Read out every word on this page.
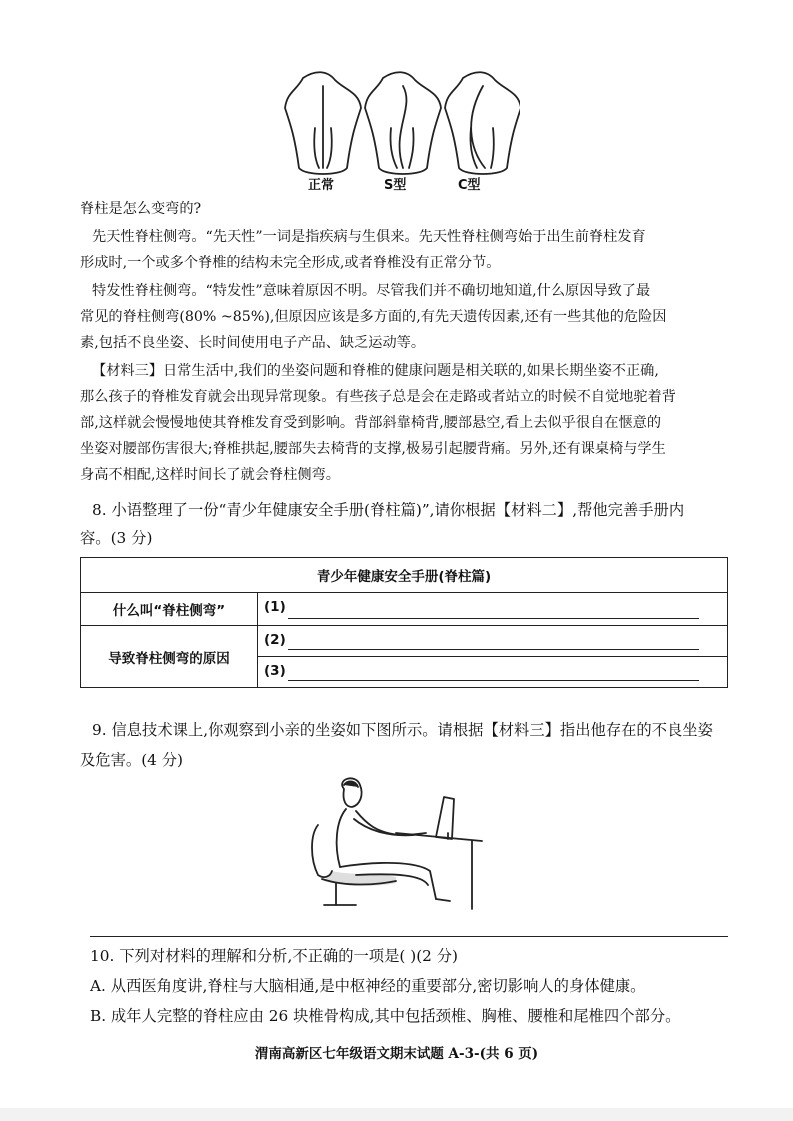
正常	S型	C型
脊柱是怎么变弯的?
先天性脊柱侧弯。“先天性”一词是指疾病与生俱来。先天性脊柱侧弯始于出生前脊柱发育
形成时,一个或多个脊椎的结构未完全形成,或者脊椎没有正常分节。
特发性脊柱侧弯。“特发性”意味着原因不明。尽管我们并不确切地知道,什么原因导致了最
常见的脊柱侧弯(80% ~85%),但原因应该是多方面的,有先天遗传因素,还有一些其他的危险因
素,包括不良坐姿、长时间使用电子产品、缺乏运动等。
【材料三】日常生活中,我们的坐姿问题和脊椎的健康问题是相关联的,如果长期坐姿不正确,
那么孩子的脊椎发育就会出现异常现象。有些孩子总是会在走路或者站立的时候不自觉地驼着背
部,这样就会慢慢地使其脊椎发育受到影响。背部斜靠椅背,腰部悬空,看上去似乎很自在惬意的
坐姿对腰部伤害很大;脊椎拱起,腰部失去椅背的支撑,极易引起腰背痛。另外,还有课桌椅与学生
身高不相配,这样时间长了就会脊柱侧弯。
8. 小语整理了一份“青少年健康安全手册(脊柱篇)”,请你根据【材料二】,帮他完善手册内
容。(3 分)
青少年健康安全手册(脊柱篇)	
什么叫“脊柱侧弯”	(1)

导致脊柱侧弯的原因	(2)

	(3)
9. 信息技术课上,你观察到小亲的坐姿如下图所示。请根据【材料三】指出他存在的不良坐姿
及危害。(4 分)
10. 下列对材料的理解和分析,不正确的一项是( )(2 分)
A. 从西医角度讲,脊柱与大脑相通,是中枢神经的重要部分,密切影响人的身体健康。
B. 成年人完整的脊柱应由 26 块椎骨构成,其中包括颈椎、胸椎、腰椎和尾椎四个部分。
渭南高新区七年级语文期末试题 A-3-(共 6 页)
